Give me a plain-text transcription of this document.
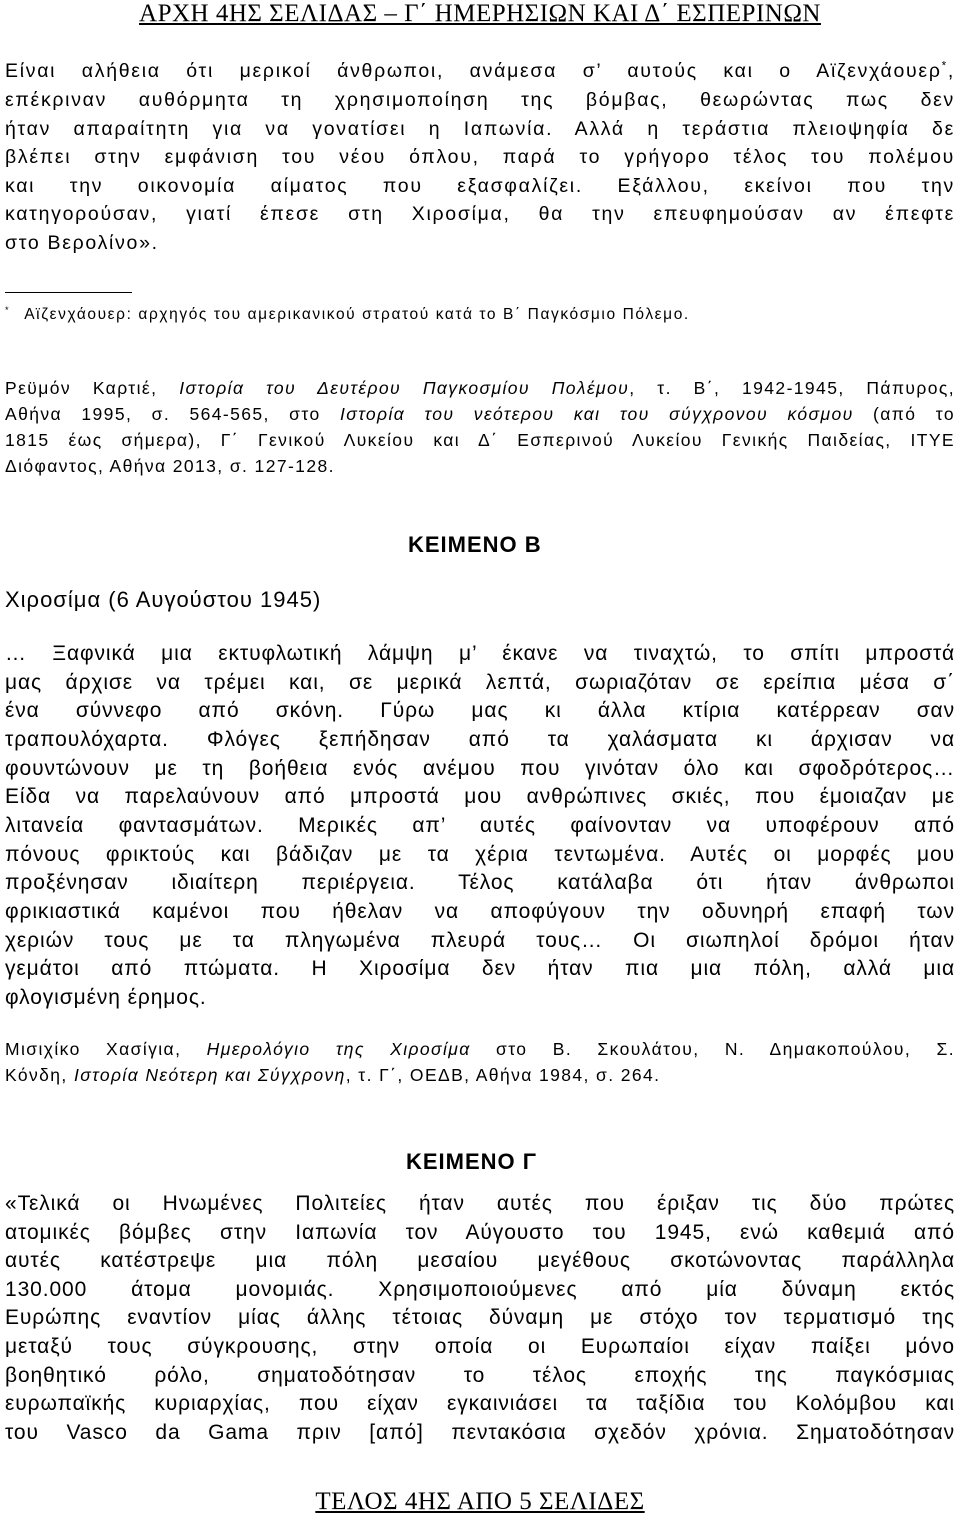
ΑΡΧΗ 4ΗΣ ΣΕΛΙΔΑΣ – Γ΄ ΗΜΕΡΗΣΙΩΝ ΚΑΙ Δ΄ ΕΣΠΕΡΙΝΩΝ
Είναι αλήθεια ότι μερικοί άνθρωποι, ανάμεσα σ’ αυτούς και ο Αϊζενχάουερ*,
επέκριναν αυθόρμητα τη χρησιμοποίηση της βόμβας, θεωρώντας πως δεν
ήταν απαραίτητη για να γονατίσει η Ιαπωνία. Αλλά η τεράστια πλειοψηφία δε
βλέπει στην εμφάνιση του νέου όπλου, παρά το γρήγορο τέλος του πολέμου
και την οικονομία αίματος που εξασφαλίζει. Εξάλλου, εκείνοι που την
κατηγορούσαν, γιατί έπεσε στη Χιροσίμα, θα την επευφημούσαν αν έπεφτε
στο Βερολίνο».
* Αϊζενχάουερ: αρχηγός του αμερικανικού στρατού κατά το Β΄ Παγκόσμιο Πόλεμο.
Ρεϋμόν Καρτιέ, Ιστορία του Δευτέρου Παγκοσμίου Πολέμου, τ. Β΄, 1942-1945, Πάπυρος,
Αθήνα 1995, σ. 564-565, στο Ιστορία του νεότερου και του σύγχρονου κόσμου (από το
1815 έως σήμερα), Γ΄ Γενικού Λυκείου και Δ΄ Εσπερινού Λυκείου Γενικής Παιδείας, ΙΤΥΕ
Διόφαντος, Αθήνα 2013, σ. 127-128.
ΚΕΙΜΕΝΟ Β
Χιροσίμα (6 Αυγούστου 1945)
… Ξαφνικά μια εκτυφλωτική λάμψη μ’ έκανε να τιναχτώ, το σπίτι μπροστά
μας άρχισε να τρέμει και, σε μερικά λεπτά, σωριαζόταν σε ερείπια μέσα σ΄
ένα σύννεφο από σκόνη. Γύρω μας κι άλλα κτίρια κατέρρεαν σαν
τραπουλόχαρτα. Φλόγες ξεπήδησαν από τα χαλάσματα κι άρχισαν να
φουντώνουν με τη βοήθεια ενός ανέμου που γινόταν όλο και σφοδρότερος…
Είδα να παρελαύνουν από μπροστά μου ανθρώπινες σκιές, που έμοιαζαν με
λιτανεία φαντασμάτων. Μερικές απ’ αυτές φαίνονταν να υποφέρουν από
πόνους φρικτούς και βάδιζαν με τα χέρια τεντωμένα. Αυτές οι μορφές μου
προξένησαν ιδιαίτερη περιέργεια. Τέλος κατάλαβα ότι ήταν άνθρωποι
φρικιαστικά καμένοι που ήθελαν να αποφύγουν την οδυνηρή επαφή των
χεριών τους με τα πληγωμένα πλευρά τους… Οι σιωπηλοί δρόμοι ήταν
γεμάτοι από πτώματα. Η Χιροσίμα δεν ήταν πια μια πόλη, αλλά μια
φλογισμένη έρημος.
Μισιχίκο Χασίγια, Ημερολόγιο της Χιροσίμα στο Β. Σκουλάτου, Ν. Δημακοπούλου, Σ.
Κόνδη, Ιστορία Νεότερη και Σύγχρονη, τ. Γ΄, ΟΕΔΒ, Αθήνα 1984, σ. 264.
ΚΕΙΜΕΝΟ Γ
«Τελικά οι Ηνωμένες Πολιτείες ήταν αυτές που έριξαν τις δύο πρώτες
ατομικές βόμβες στην Ιαπωνία τον Αύγουστο του 1945, ενώ καθεμιά από
αυτές κατέστρεψε μια πόλη μεσαίου μεγέθους σκοτώνοντας παράλληλα
130.000 άτομα μονομιάς. Χρησιμοποιούμενες από μία δύναμη εκτός
Ευρώπης εναντίον μίας άλλης τέτοιας δύναμη με στόχο τον τερματισμό της
μεταξύ τους σύγκρουσης, στην οποία οι Ευρωπαίοι είχαν παίξει μόνο
βοηθητικό ρόλο, σηματοδότησαν το τέλος εποχής της παγκόσμιας
ευρωπαϊκής κυριαρχίας, που είχαν εγκαινιάσει τα ταξίδια του Κολόμβου και
του Vasco da Gama πριν [από] πεντακόσια σχεδόν χρόνια. Σηματοδότησαν
ΤΕΛΟΣ 4ΗΣ ΑΠΟ 5 ΣΕΛΙΔΕΣ
